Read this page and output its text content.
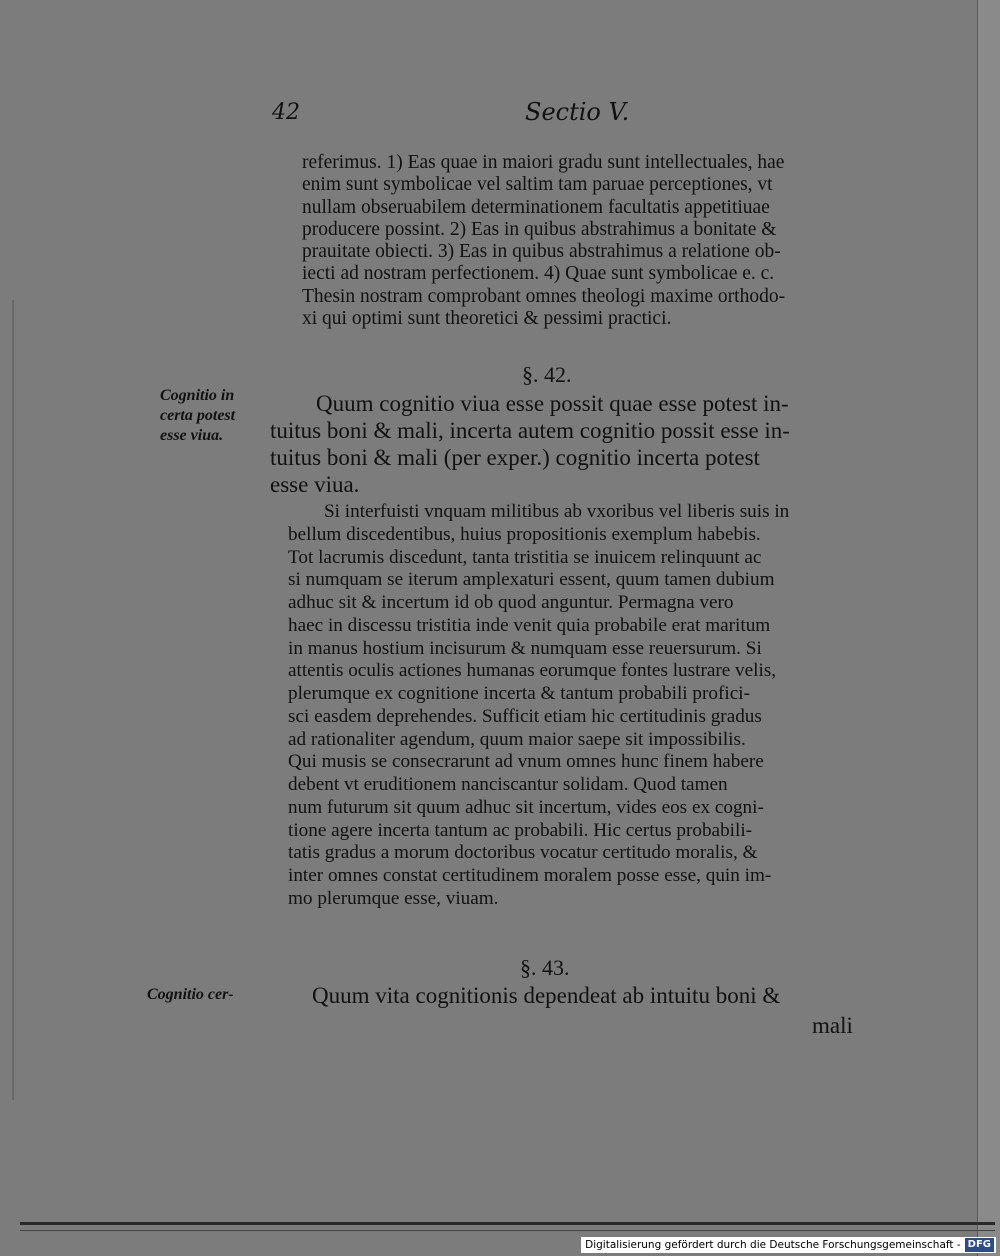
42	Sectio V.
referimus. 1) Eas quae in maiori gradu sunt intellectuales, hae
enim sunt symbolicae vel saltim tam paruae perceptiones, vt
nullam obseruabilem determinationem facultatis appetitiuae
producere possint. 2) Eas in quibus abstrahimus a bonitate &
prauitate obiecti. 3) Eas in quibus abstrahimus a relatione ob-
iecti ad nostram perfectionem. 4) Quae sunt symbolicae e. c.
Thesin nostram comprobant omnes theologi maxime orthodo-
xi qui optimi sunt theoretici & pessimi practici.
§. 42.
Cognitio in
certa potest
esse viua.
Quum cognitio viua esse possit quae esse potest in-
tuitus boni & mali, incerta autem cognitio possit esse in-
tuitus boni & mali (per exper.) cognitio incerta potest
esse viua.
Si interfuisti vnquam militibus ab vxoribus vel liberis suis in
bellum discedentibus, huius propositionis exemplum habebis.
Tot lacrumis discedunt, tanta tristitia se inuicem relinquunt ac
si numquam se iterum amplexaturi essent, quum tamen dubium
adhuc sit & incertum id ob quod anguntur. Permagna vero
haec in discessu tristitia inde venit quia probabile erat maritum
in manus hostium incisurum & numquam esse reuersurum. Si
attentis oculis actiones humanas eorumque fontes lustrare velis,
plerumque ex cognitione incerta & tantum probabili profici-
sci easdem deprehendes. Sufficit etiam hic certitudinis gradus
ad rationaliter agendum, quum maior saepe sit impossibilis.
Qui musis se consecrarunt ad vnum omnes hunc finem habere
debent vt eruditionem nanciscantur solidam. Quod tamen
num futurum sit quum adhuc sit incertum, vides eos ex cogni-
tione agere incerta tantum ac probabili. Hic certus probabili-
tatis gradus a morum doctoribus vocatur certitudo moralis, &
inter omnes constat certitudinem moralem posse esse, quin im-
mo plerumque esse, viuam.
§. 43.
Cognitio cer-	Quum vita cognitionis dependeat ab intuitu boni &
mali
Digitalisierung gefördert durch die Deutsche Forschungsgemeinschaft - DFG
